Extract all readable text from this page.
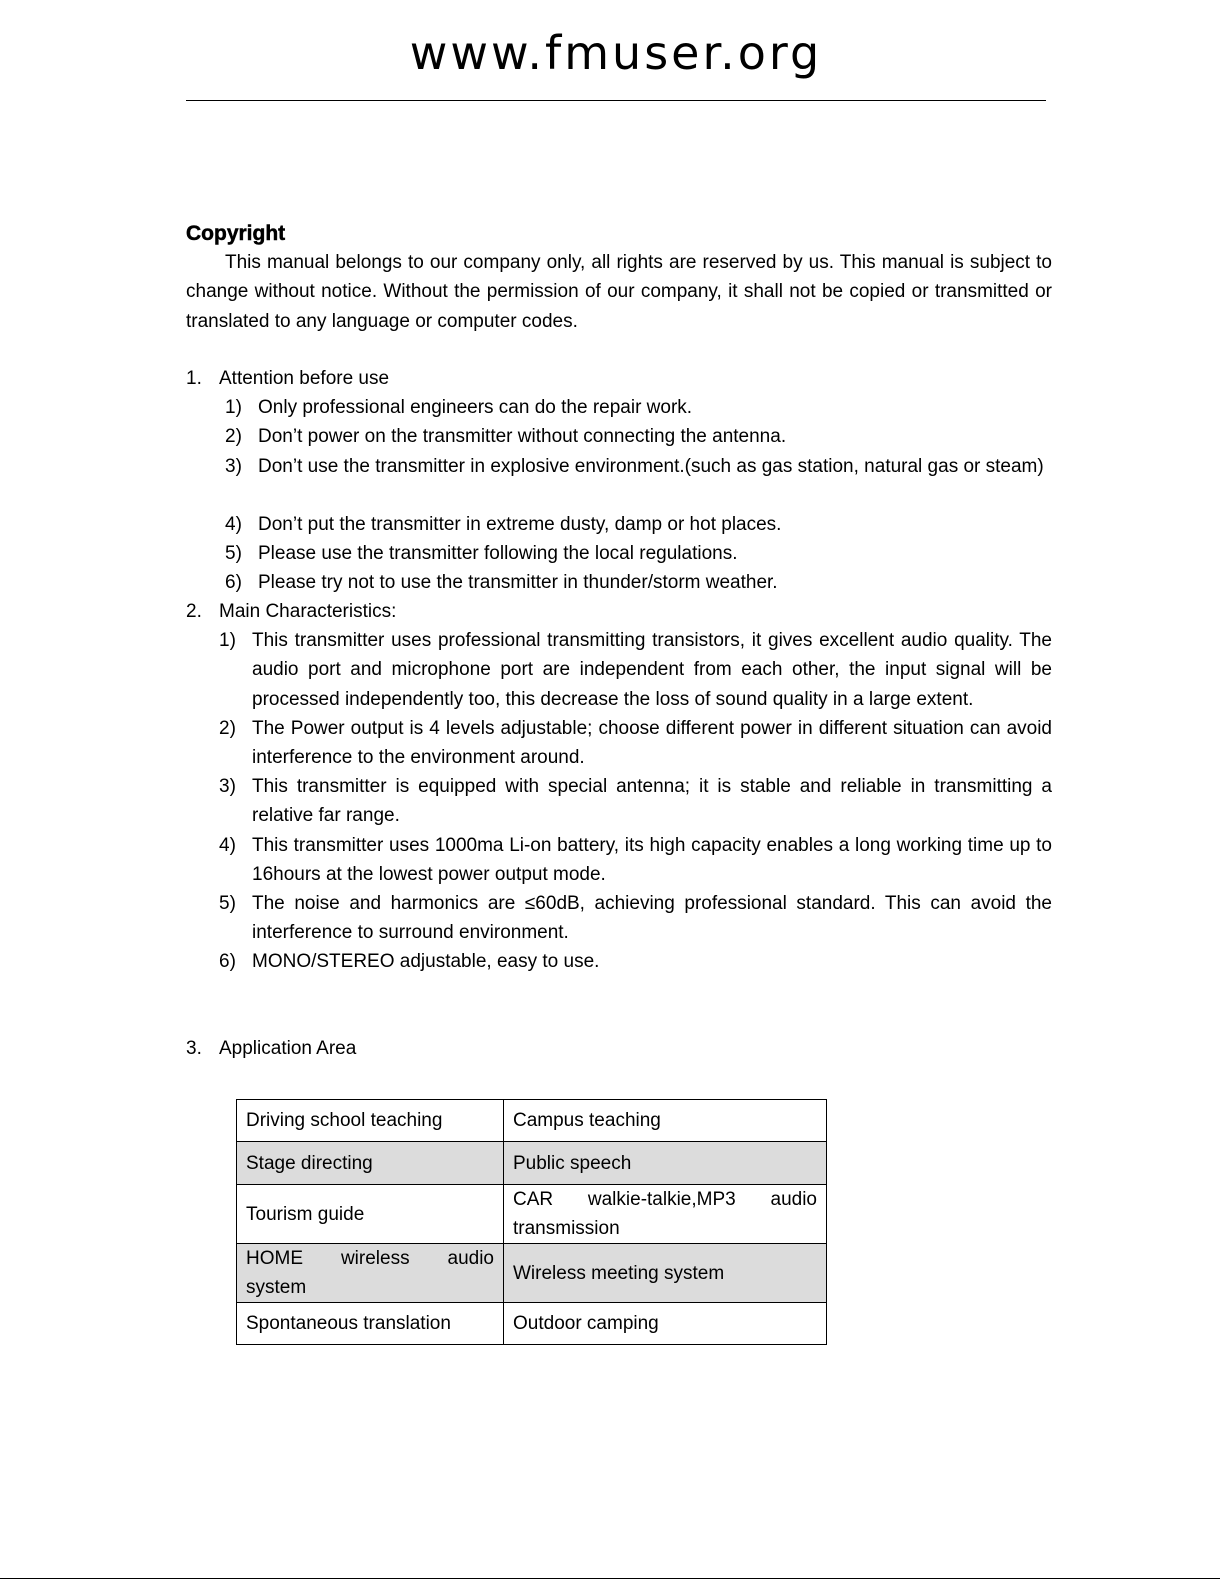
www.fmuser.org
Copyright

This manual belongs to our company only, all rights are reserved by us. This manual is subject to change without notice. Without the permission of our company, it shall not be copied or transmitted or translated to any language or computer codes.

1. Attention before use
1) Only professional engineers can do the repair work.
2) Don’t power on the transmitter without connecting the antenna.
3) Don’t use the transmitter in explosive environment.(such as gas station, natural gas or steam)

4) Don’t put the transmitter in extreme dusty, damp or hot places.
5) Please use the transmitter following the local regulations.
6) Please try not to use the transmitter in thunder/storm weather.
2. Main Characteristics:
1) This transmitter uses professional transmitting transistors, it gives excellent audio quality. The audio port and microphone port are independent from each other, the input signal will be processed independently too, this decrease the loss of sound quality in a large extent.

2) The Power output is 4 levels adjustable; choose different power in different situation can avoid interference to the environment around.

3) This transmitter is equipped with special antenna; it is stable and reliable in transmitting a relative far range.

4) This transmitter uses 1000ma Li-on battery, its high capacity enables a long working time up to 16hours at the lowest power output mode.

5) The noise and harmonics are ≤60dB, achieving professional standard. This can avoid the interference to surround environment.

6) MONO/STEREO adjustable, easy to use.
3. Application Area
Driving school teaching	Campus teaching
Stage directing	Public speech
Tourism guide	CAR walkie-talkie,MP3 audio transmission
HOME wireless audio system	Wireless meeting system
Spontaneous translation	Outdoor camping
